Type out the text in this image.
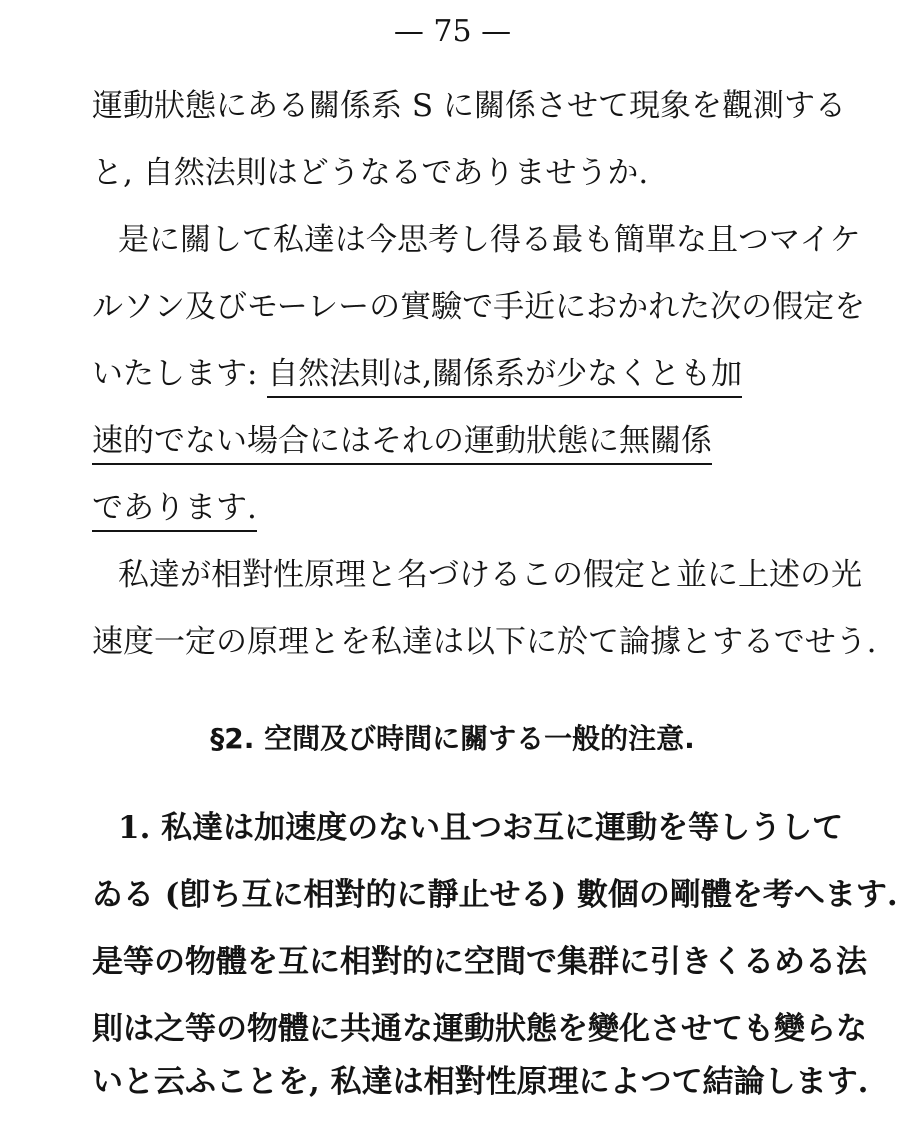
— 75 —
運動狀態にある關係系 S に關係させて現象を觀測する
と, 自然法則はどうなるでありませうか.
是に關して私達は今思考し得る最も簡單な且つマイケ
ルソン及びモーレーの實驗で手近におかれた次の假定を
いたします: 自然法則は,關係系が少なくとも加
速的でない場合にはそれの運動狀態に無關係
であります.
私達が相對性原理と名づけるこの假定と並に上述の光
速度一定の原理とを私達は以下に於て論據とするでせう.
§2. 空間及び時間に關する一般的注意.
1. 私達は加速度のない且つお互に運動を等しうして
ゐる (卽ち互に相對的に靜止せる) 數個の剛體を考へます.
是等の物體を互に相對的に空間で集群に引きくるめる法
則は之等の物體に共通な運動狀態を變化させても變らな
いと云ふことを, 私達は相對性原理によつて結論します.
